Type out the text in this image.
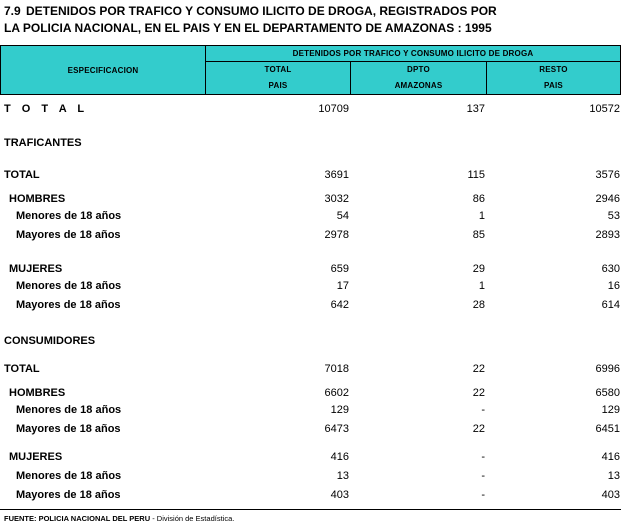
7.9 DETENIDOS POR TRAFICO Y CONSUMO ILICITO DE DROGA, REGISTRADOS POR
LA POLICIA NACIONAL, EN EL PAIS Y EN EL DEPARTAMENTO DE AMAZONAS : 1995
ESPECIFICACION
DETENIDOS POR TRAFICO Y CONSUMO ILICITO DE DROGA
TOTAL
PAIS
DPTO
AMAZONAS
RESTO
PAIS
T O T A L	10709	137	10572
TRAFICANTES
TOTAL	3691	115	3576
HOMBRES	3032	86	2946
Menores de 18 años	54	1	53
Mayores de 18 años	2978	85	2893
MUJERES	659	29	630
Menores de 18 años	17	1	16
Mayores de 18 años	642	28	614
CONSUMIDORES
TOTAL	7018	22	6996
HOMBRES	6602	22	6580
Menores de 18 años	129	-	129
Mayores de 18 años	6473	22	6451
MUJERES	416	-	416
Menores de 18 años	13	-	13
Mayores de 18 años	403	-	403
FUENTE: POLICIA NACIONAL DEL PERU - División de Estadística.
